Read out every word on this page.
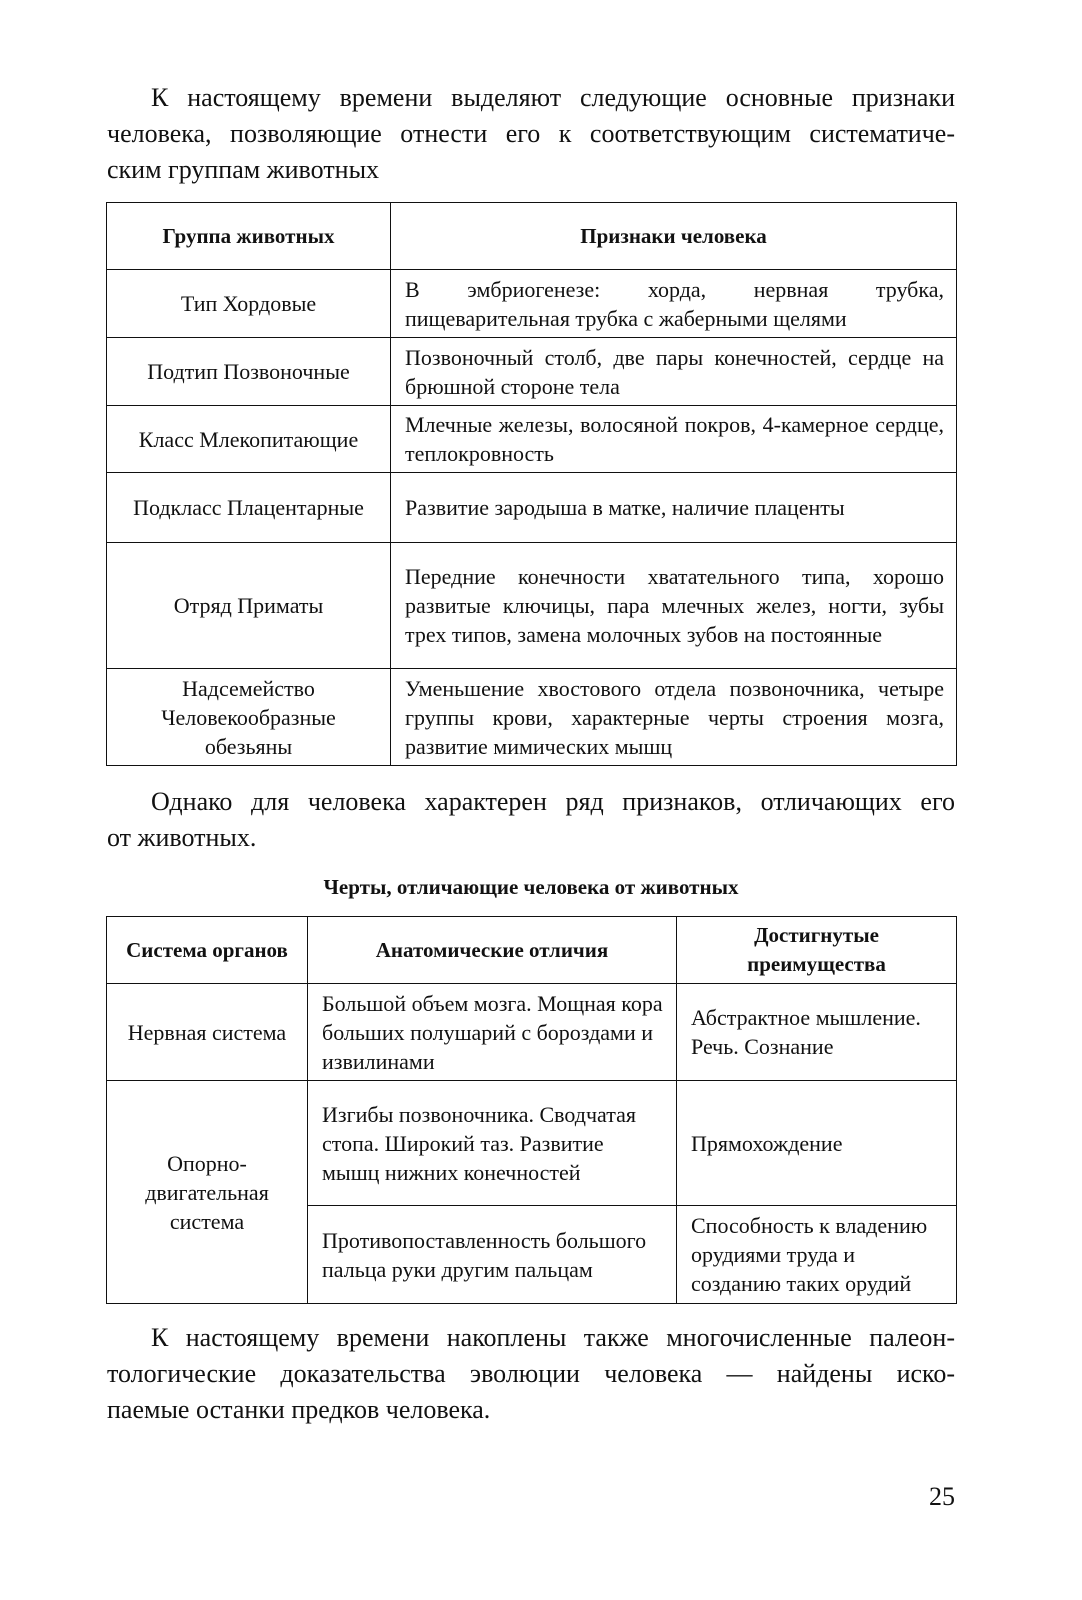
К настоящему времени выделяют следующие основные признаки
человека, позволяющие отнести его к соответствующим систематиче-
ским группам животных
Группа животных	Признаки человека
Тип Хордовые	В эмбриогенезе: хорда, нервная трубка, пищеварительная трубка с жаберными щелями
Подтип Позвоночные	Позвоночный столб, две пары конечностей, сердце на брюшной стороне тела
Класс Млекопитающие	Млечные железы, волосяной покров, 4-камерное сердце, теплокровность
Подкласс Плацентарные	Развитие зародыша в матке, наличие плаценты
Отряд Приматы	Передние конечности хватательного типа, хорошо развитые ключицы, пара млечных желез, ногти, зубы трех типов, замена молочных зубов на постоянные
Надсемейство Человекообразные обезьяны	Уменьшение хвостового отдела позвоночника, четыре группы крови, характерные черты строения мозга, развитие мимических мышц
Однако для человека характерен ряд признаков, отличающих его
от животных.
Черты, отличающие человека от животных
Система органов	Анатомические отличия	Достигнутые преимущества
Нервная система	Большой объем мозга. Мощная кора больших полушарий с бороздами и извилинами	Абстрактное мышление. Речь. Сознание
Опорно-двигательная система	Изгибы позвоночника. Сводчатая стопа. Широкий таз. Развитие мышц нижних конечностей	Прямохождение
	Противопоставленность большого пальца руки другим пальцам	Способность к владению орудиями труда и созданию таких орудий
К настоящему времени накоплены также многочисленные палеон-
тологические доказательства эволюции человека — найдены иско-
паемые останки предков человека.
25
